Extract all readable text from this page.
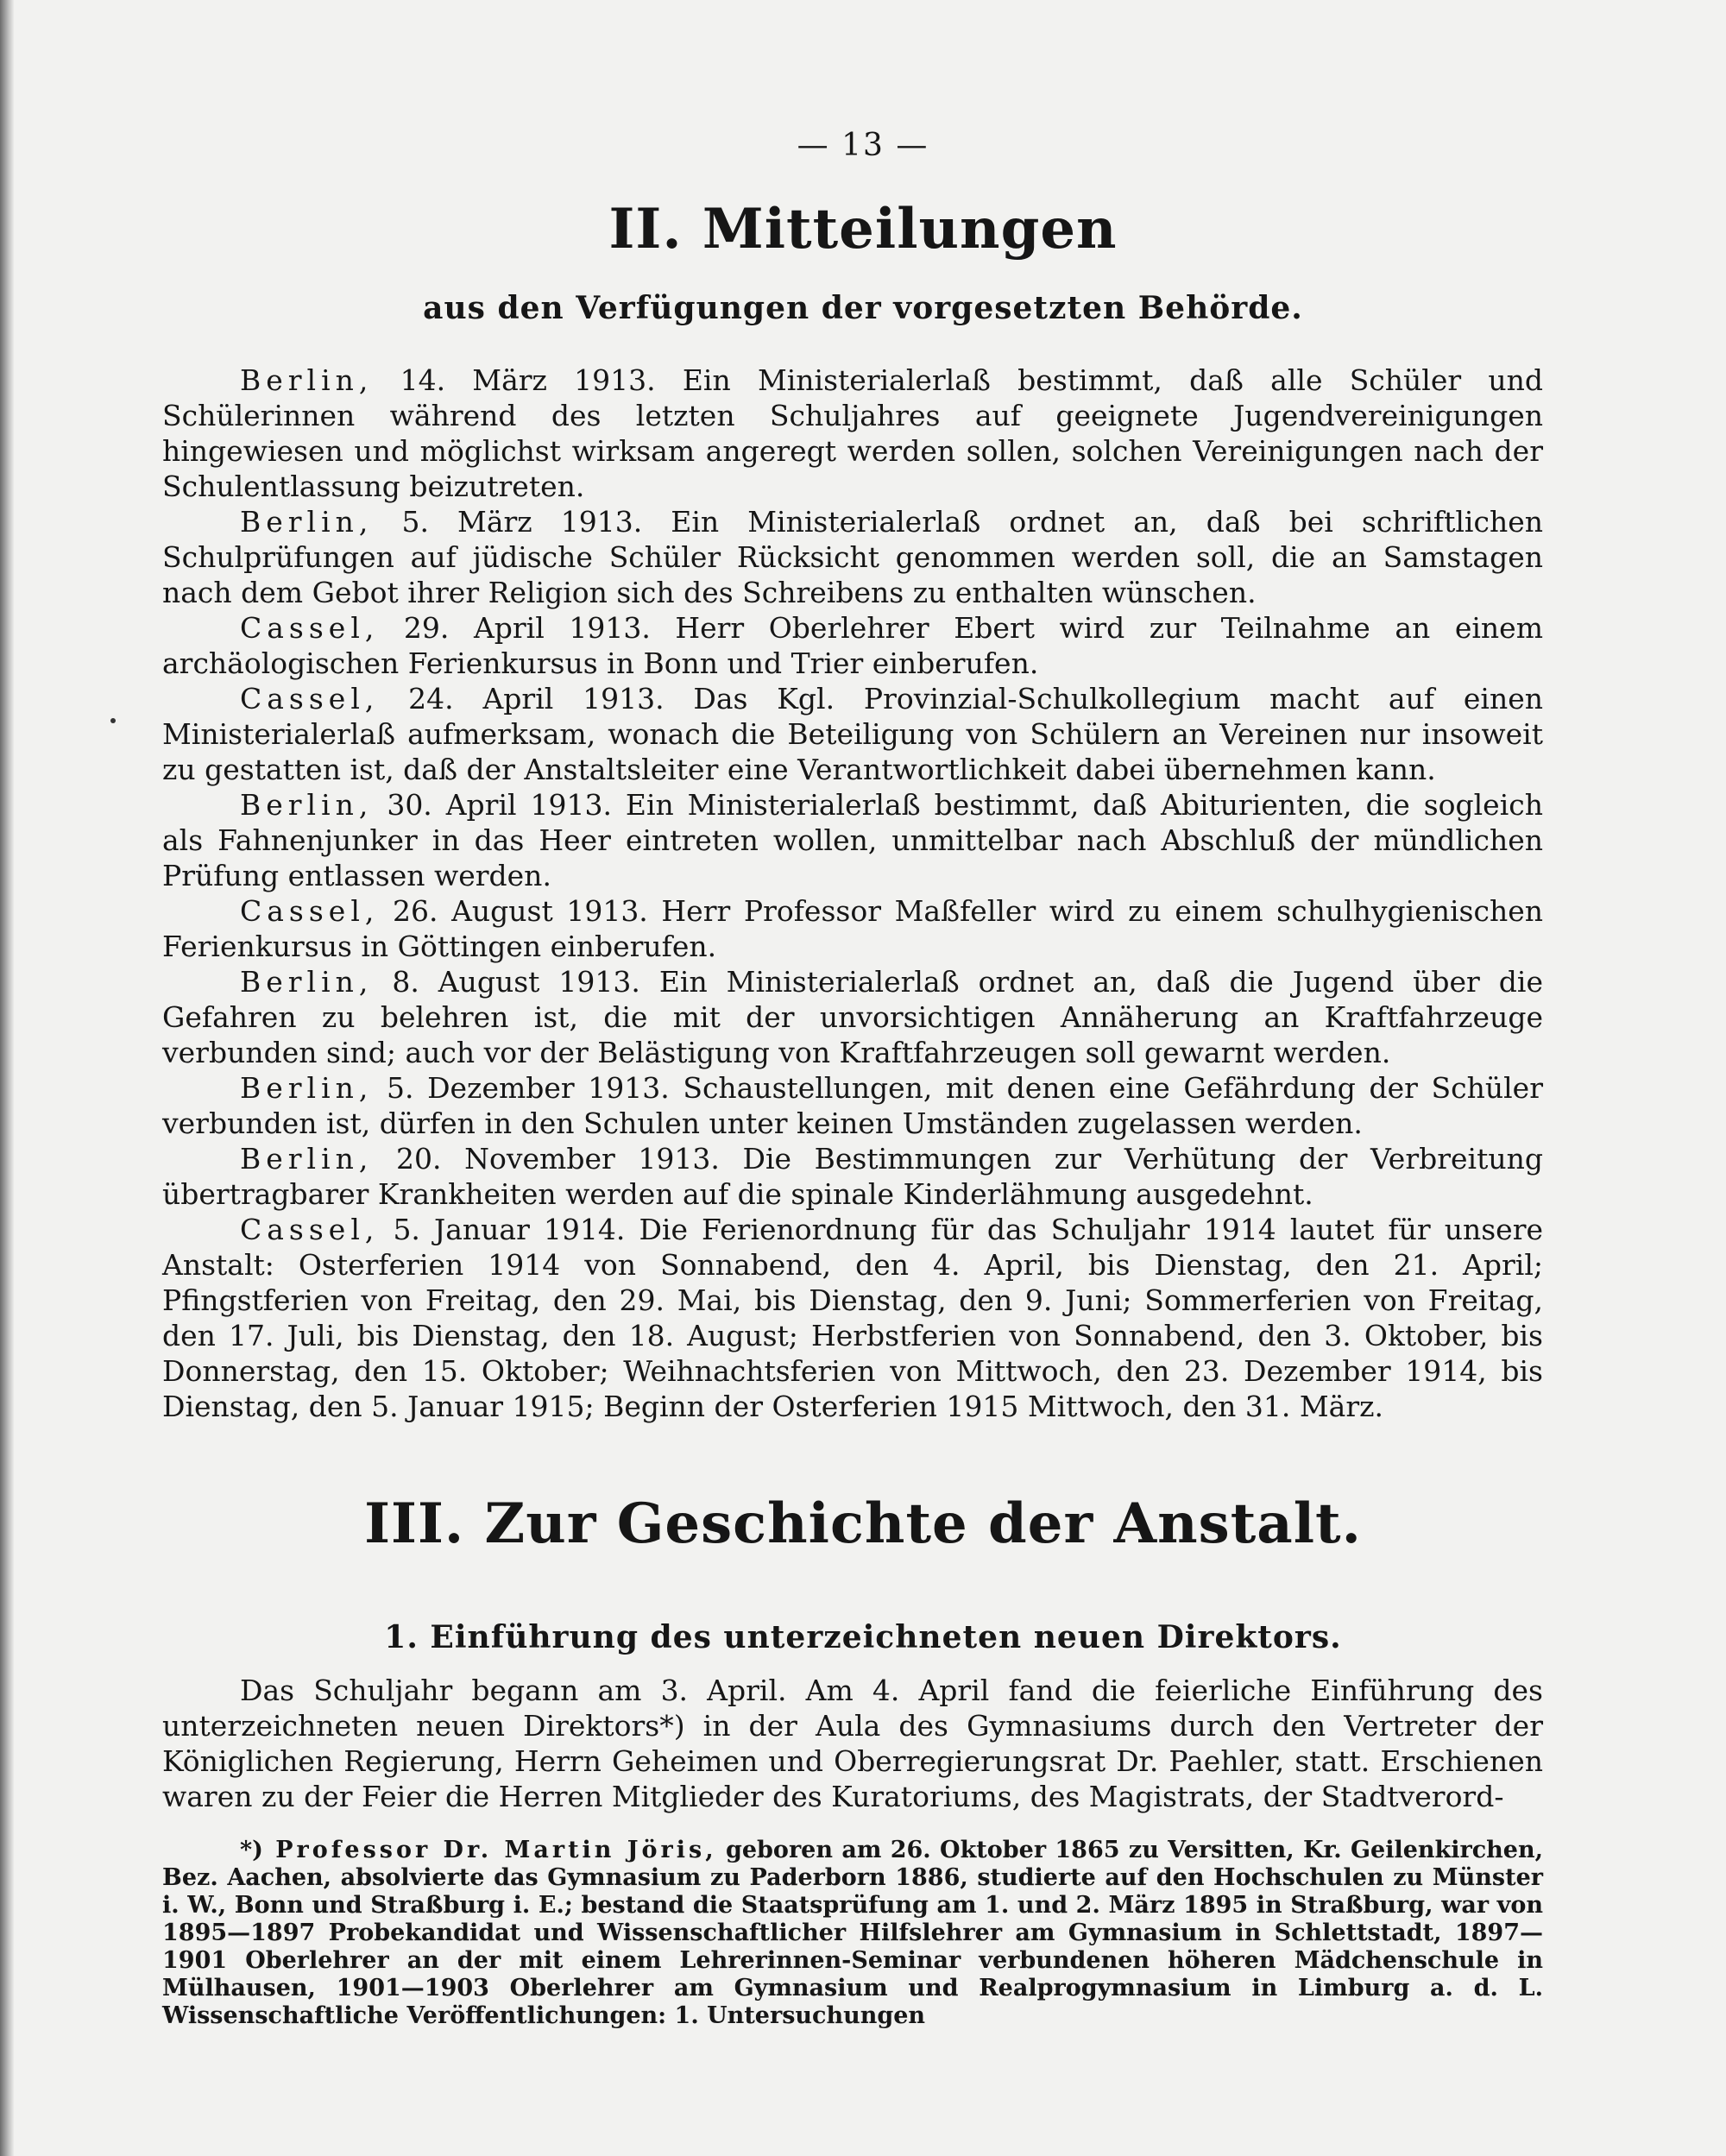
— 13 —
II. Mitteilungen
aus den Verfügungen der vorgesetzten Behörde.

Berlin, 14. März 1913. Ein Ministerialerlaß bestimmt, daß alle Schüler und Schülerinnen während des letzten Schuljahres auf geeignete Jugendvereinigungen hingewiesen und möglichst wirksam angeregt werden sollen, solchen Vereinigungen nach der Schulentlassung beizutreten.

Berlin, 5. März 1913. Ein Ministerialerlaß ordnet an, daß bei schriftlichen Schulprüfungen auf jüdische Schüler Rücksicht genommen werden soll, die an Samstagen nach dem Gebot ihrer Religion sich des Schreibens zu enthalten wünschen.

Cassel, 29. April 1913. Herr Oberlehrer Ebert wird zur Teilnahme an einem archäologischen Ferienkursus in Bonn und Trier einberufen.

Cassel, 24. April 1913. Das Kgl. Provinzial-Schulkollegium macht auf einen Ministerialerlaß aufmerksam, wonach die Beteiligung von Schülern an Vereinen nur insoweit zu gestatten ist, daß der Anstaltsleiter eine Verantwortlichkeit dabei übernehmen kann.

Berlin, 30. April 1913. Ein Ministerialerlaß bestimmt, daß Abiturienten, die sogleich als Fahnenjunker in das Heer eintreten wollen, unmittelbar nach Abschluß der mündlichen Prüfung entlassen werden.

Cassel, 26. August 1913. Herr Professor Maßfeller wird zu einem schulhygienischen Ferienkursus in Göttingen einberufen.

Berlin, 8. August 1913. Ein Ministerialerlaß ordnet an, daß die Jugend über die Gefahren zu belehren ist, die mit der unvorsichtigen Annäherung an Kraftfahrzeuge verbunden sind; auch vor der Belästigung von Kraftfahrzeugen soll gewarnt werden.

Berlin, 5. Dezember 1913. Schaustellungen, mit denen eine Gefährdung der Schüler verbunden ist, dürfen in den Schulen unter keinen Umständen zugelassen werden.

Berlin, 20. November 1913. Die Bestimmungen zur Verhütung der Verbreitung übertragbarer Krankheiten werden auf die spinale Kinderlähmung ausgedehnt.

Cassel, 5. Januar 1914. Die Ferienordnung für das Schuljahr 1914 lautet für unsere Anstalt: Osterferien 1914 von Sonnabend, den 4. April, bis Dienstag, den 21. April; Pfingstferien von Freitag, den 29. Mai, bis Dienstag, den 9. Juni; Sommerferien von Freitag, den 17. Juli, bis Dienstag, den 18. August; Herbstferien von Sonnabend, den 3. Oktober, bis Donnerstag, den 15. Oktober; Weihnachtsferien von Mittwoch, den 23. Dezember 1914, bis Dienstag, den 5. Januar 1915; Beginn der Osterferien 1915 Mittwoch, den 31. März.

III. Zur Geschichte der Anstalt.
1. Einführung des unterzeichneten neuen Direktors.

Das Schuljahr begann am 3. April. Am 4. April fand die feierliche Einführung des unterzeichneten neuen Direktors*) in der Aula des Gymnasiums durch den Vertreter der Königlichen Regierung, Herrn Geheimen und Oberregierungsrat Dr. Paehler, statt. Erschienen waren zu der Feier die Herren Mitglieder des Kuratoriums, des Magistrats, der Stadtverord-

*) Professor Dr. Martin Jöris, geboren am 26. Oktober 1865 zu Versitten, Kr. Geilenkirchen, Bez. Aachen, absolvierte das Gymnasium zu Paderborn 1886, studierte auf den Hochschulen zu Münster i. W., Bonn und Straßburg i. E.; bestand die Staatsprüfung am 1. und 2. März 1895 in Straßburg, war von 1895—1897 Probekandidat und Wissenschaftlicher Hilfslehrer am Gymnasium in Schlettstadt, 1897—1901 Oberlehrer an der mit einem Lehrerinnen-Seminar verbundenen höheren Mädchenschule in Mülhausen, 1901—1903 Oberlehrer am Gymnasium und Realprogymnasium in Limburg a. d. L. Wissenschaftliche Veröffentlichungen: 1. Untersuchungen
